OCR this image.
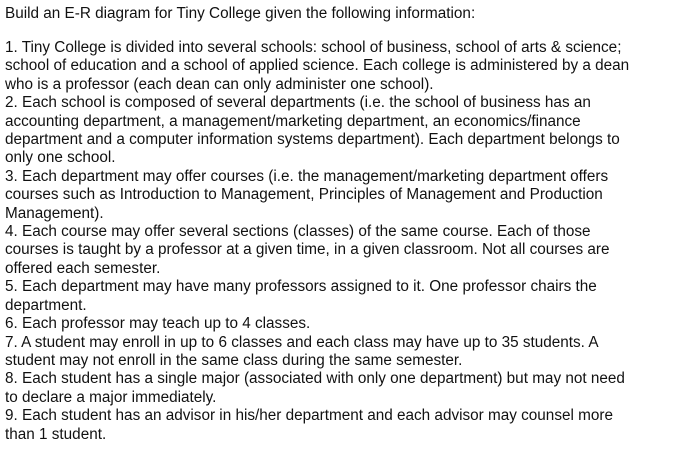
Build an E-R diagram for Tiny College given the following information:

1. Tiny College is divided into several schools: school of business, school of arts & science;
school of education and a school of applied science. Each college is administered by a dean
who is a professor (each dean can only administer one school).

2. Each school is composed of several departments (i.e. the school of business has an
accounting department, a management/marketing department, an economics/finance
department and a computer information systems department). Each department belongs to
only one school.

3. Each department may offer courses (i.e. the management/marketing department offers
courses such as Introduction to Management, Principles of Management and Production
Management).

4. Each course may offer several sections (classes) of the same course. Each of those
courses is taught by a professor at a given time, in a given classroom. Not all courses are
offered each semester.

5. Each department may have many professors assigned to it. One professor chairs the
department.

6. Each professor may teach up to 4 classes.

7. A student may enroll in up to 6 classes and each class may have up to 35 students. A
student may not enroll in the same class during the same semester.

8. Each student has a single major (associated with only one department) but may not need
to declare a major immediately.

9. Each student has an advisor in his/her department and each advisor may counsel more
than 1 student.
